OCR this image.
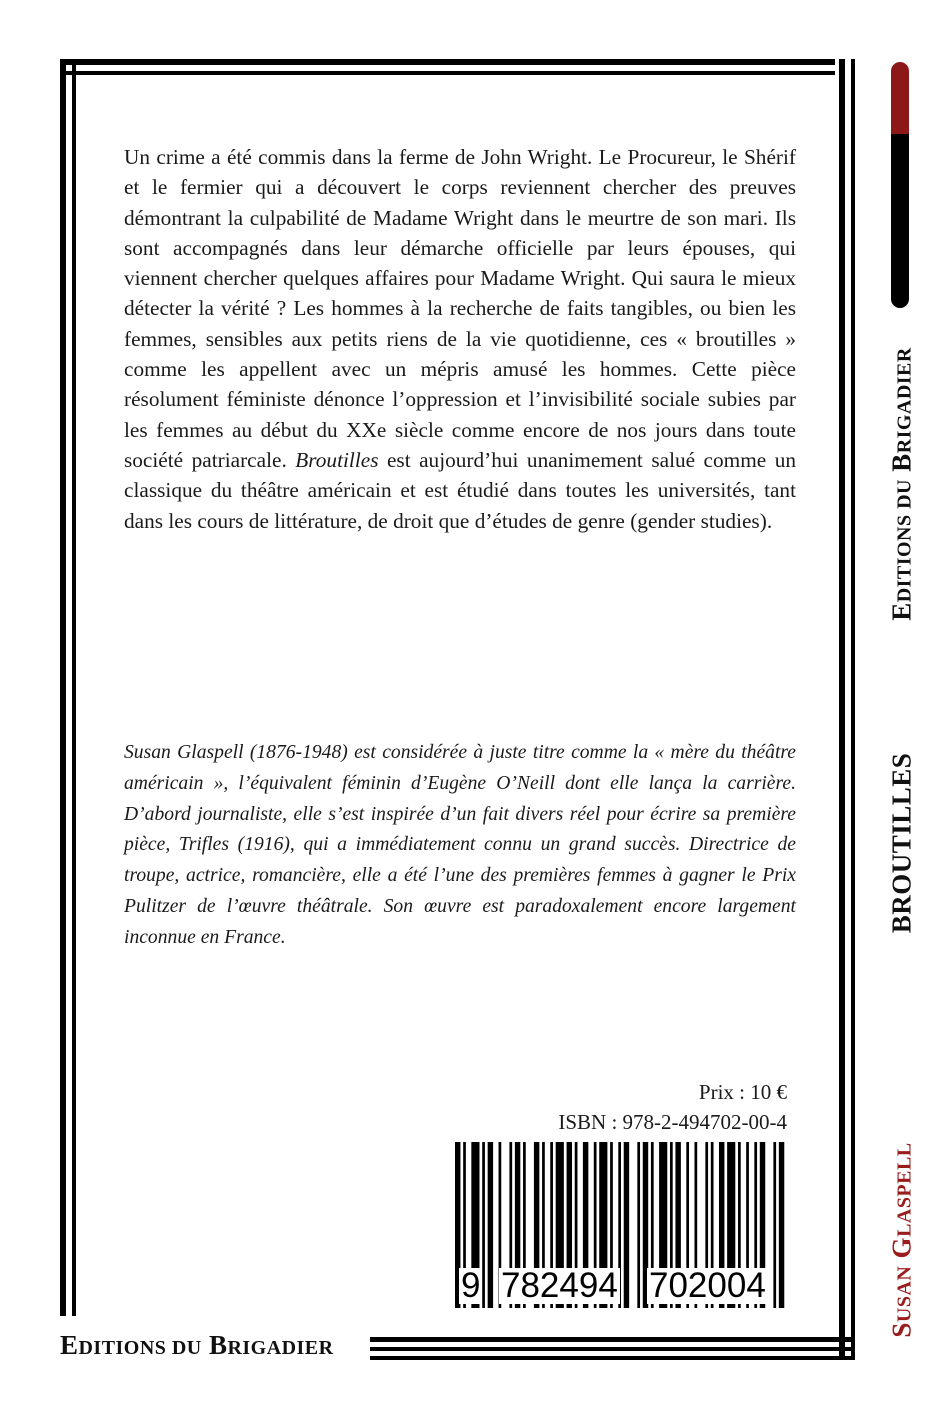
Un crime a été commis dans la ferme de John Wright. Le Procureur, le Shérif et le fermier qui a découvert le corps reviennent chercher des preuves démontrant la culpabilité de Madame Wright dans le meurtre de son mari. Ils sont accompagnés dans leur démarche officielle par leurs épouses, qui viennent chercher quelques affaires pour Madame Wright. Qui saura le mieux détecter la vérité ? Les hommes à la recherche de faits tangibles, ou bien les femmes, sensibles aux petits riens de la vie quotidienne, ces « broutilles » comme les appellent avec un mépris amusé les hommes. Cette pièce résolument féministe dénonce l’oppression et l’invisibilité sociale subies par les femmes au début du XXe siècle comme encore de nos jours dans toute société patriarcale. Broutilles est aujourd’hui unanimement salué comme un classique du théâtre américain et est étudié dans toutes les universités, tant dans les cours de littérature, de droit que d’études de genre (gender studies).

Susan Glaspell (1876-1948) est considérée à juste titre comme la « mère du théâtre américain », l’équivalent féminin d’Eugène O’Neill dont elle lança la carrière. D’abord journaliste, elle s’est inspirée d’un fait divers réel pour écrire sa première pièce, Trifles (1916), qui a immédiatement connu un grand succès. Directrice de troupe, actrice, romancière, elle a été l’une des premières femmes à gagner le Prix Pulitzer de l’œuvre théâtrale. Son œuvre est paradoxalement encore largement inconnue en France.

Prix : 10 €
ISBN : 978-2-494702-00-4
9 782494 702004
EDITIONS DU BRIGADIER
EDITIONS DU BRIGADIER
BROUTILLES
SUSAN GLASPELL
